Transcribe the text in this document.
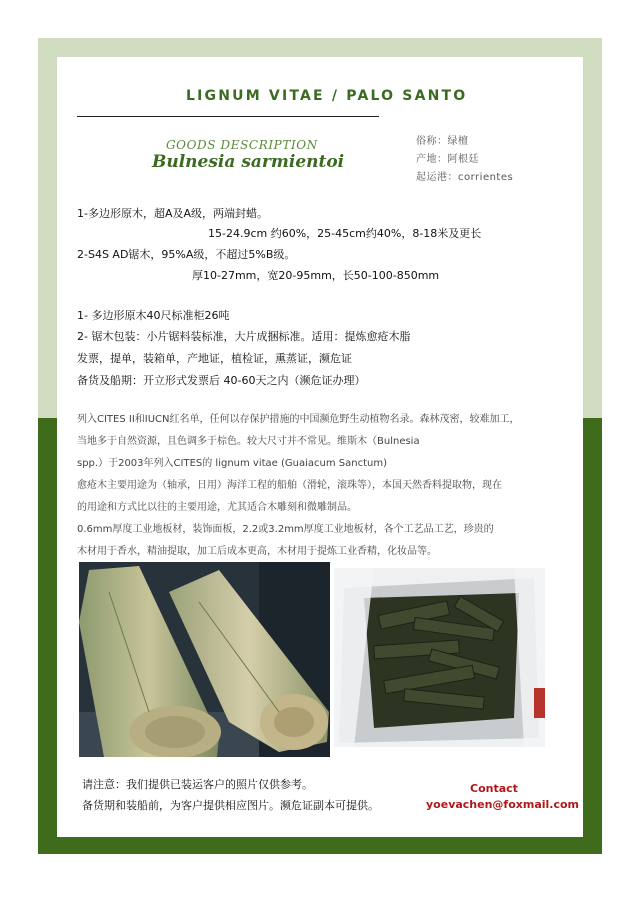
LIGNUM VITAE / PALO SANTO
GOODS DESCRIPTION
Bulnesia sarmientoi
俗称：绿檀
产地：阿根廷
起运港：corrientes
1-多边形原木，超A及A级，两端封蜡。
15-24.9cm 约60%，25-45cm约40%，8-18米及更长
2-S4S AD锯木，95%A级，不超过5%B级。
厚10-27mm，宽20-95mm，长50-100-850mm
1- 多边形原木40尺标准柜26吨
2- 锯木包装：小片锯料装标准，大片成捆标准。适用：提炼愈疮木脂
发票，提单，装箱单，产地证，植检证，熏蒸证，濒危证
备货及船期：开立形式发票后 40-60天之内（濒危证办理）
列入CITES II和IUCN红名单，任何以存保护措施的中国濒危野生动植物名录。森林茂密，较难加工，
当地多于自然资源，且色调多于棕色。较大尺寸并不常见。维斯木（Bulnesia
spp.）于2003年列入CITES的 lignum vitae (Guaiacum Sanctum)
愈疮木主要用途为（轴承，日用）海洋工程的船舶（滑轮，滚珠等），本国天然香料提取物，现在
的用途和方式比以往的主要用途，尤其适合木雕刻和微雕制品。
0.6mm厚度工业地板材，装饰面板，2.2或3.2mm厚度工业地板材，各个工艺品工艺，珍贵的
木材用于香水，精油提取，加工后成本更高，木材用于提炼工业香精，化妆品等。
请注意：我们提供已装运客户的照片仅供参考。
备货期和装船前，为客户提供相应图片。濒危证副本可提供。
Contact
yoevachen@foxmail.com
